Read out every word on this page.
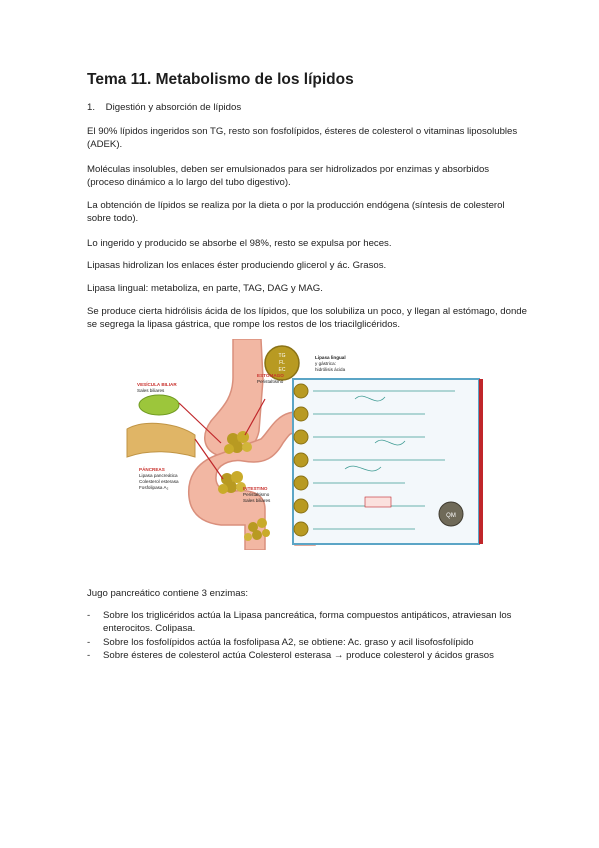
Tema 11. Metabolismo de los lípidos
1. Digestión y absorción de lípidos
El 90% lípidos ingeridos son TG, resto son fosfolípidos, ésteres de colesterol o vitaminas liposolubles (ADEK).
Moléculas insolubles, deben ser emulsionados para ser hidrolizados por enzimas y absorbidos (proceso dinámico a lo largo del tubo digestivo).
La obtención de lípidos se realiza por la dieta o por la producción endógena (síntesis de colesterol sobre todo).
Lo ingerido y producido se absorbe el 98%, resto se expulsa por heces.
Lipasas hidrolizan los enlaces éster produciendo glicerol y ác. Grasos.
Lipasa lingual: metaboliza, en parte, TAG, DAG y MAG.
Se produce cierta hidrólisis ácida de los lípidos, que los solubiliza un poco, y llegan al estómago, donde se segrega la lipasa gástrica, que rompe los restos de los triacilglicéridos.
TG
FL
EC
QM
Lipasa lingual
y gástrica:
hidrólisis ácida
ESTÓMAGO
Peristaltismo
VESÍCULA BILIAR
Sales biliares
PÁNCREAS
Lipasa pancreática
Colesterol esterasa
Fosfolipasa A₂	INTESTINO
Peristaltismo
Sales biliares
Jugo pancreático contiene 3 enzimas:
- Sobre los triglicéridos actúa la Lipasa pancreática, forma compuestos antipáticos, atraviesan los enterocitos. Colipasa.
- Sobre los fosfolípidos actúa la fosfolipasa A2, se obtiene: Ac. graso y acil lisofosfolípido
- Sobre ésteres de colesterol actúa Colesterol esterasa → produce colesterol y ácidos grasos
